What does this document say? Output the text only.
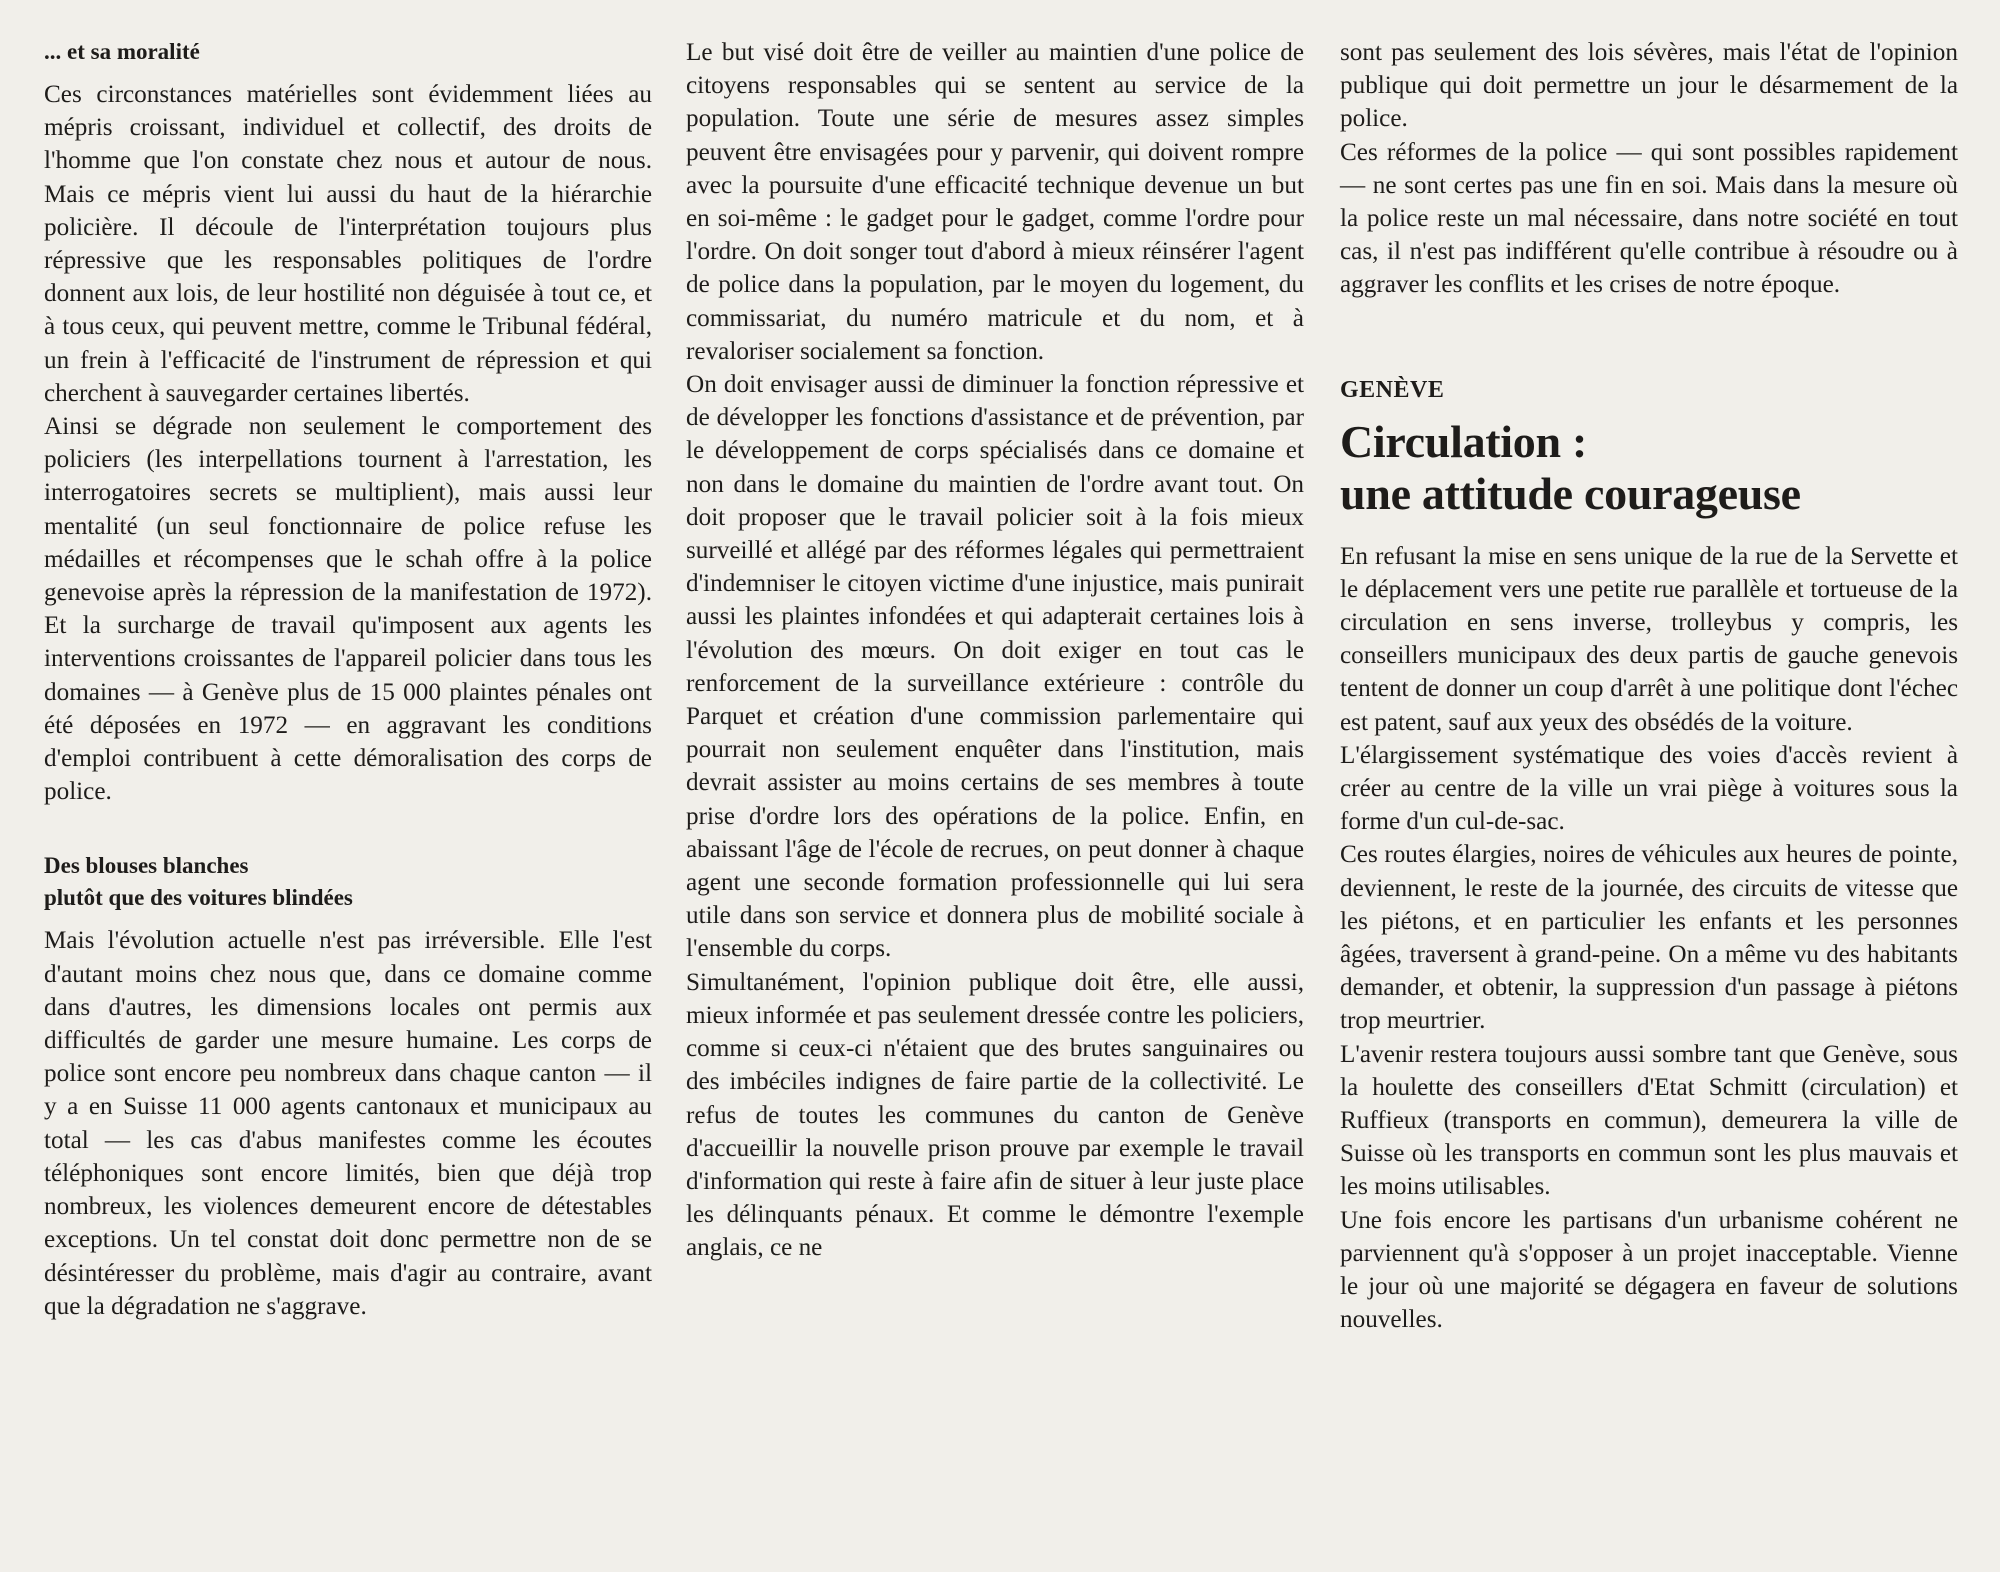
... et sa moralité

Ces circonstances matérielles sont évidemment liées au mépris croissant, individuel et collectif, des droits de l'homme que l'on constate chez nous et autour de nous. Mais ce mépris vient lui aussi du haut de la hiérarchie policière. Il découle de l'interprétation toujours plus répressive que les responsables politiques de l'ordre donnent aux lois, de leur hostilité non déguisée à tout ce, et à tous ceux, qui peuvent mettre, comme le Tribunal fédéral, un frein à l'efficacité de l'instrument de répression et qui cherchent à sauvegarder certaines libertés.

Ainsi se dégrade non seulement le comportement des policiers (les interpellations tournent à l'arrestation, les interrogatoires secrets se multiplient), mais aussi leur mentalité (un seul fonctionnaire de police refuse les médailles et récompenses que le schah offre à la police genevoise après la répression de la manifestation de 1972). Et la surcharge de travail qu'imposent aux agents les interventions croissantes de l'appareil policier dans tous les domaines — à Genève plus de 15 000 plaintes pénales ont été déposées en 1972 — en aggravant les conditions d'emploi contribuent à cette démoralisation des corps de police.

Des blouses blanches
plutôt que des voitures blindées

Mais l'évolution actuelle n'est pas irréversible. Elle l'est d'autant moins chez nous que, dans ce domaine comme dans d'autres, les dimensions locales ont permis aux difficultés de garder une mesure humaine. Les corps de police sont encore peu nombreux dans chaque canton — il y a en Suisse 11 000 agents cantonaux et municipaux au total — les cas d'abus manifestes comme les écoutes téléphoniques sont encore limités, bien que déjà trop nombreux, les violences demeurent encore de détestables exceptions. Un tel constat doit donc permettre non de se désintéresser du problème, mais d'agir au contraire, avant que la dégradation ne s'aggrave.

Le but visé doit être de veiller au maintien d'une police de citoyens responsables qui se sentent au service de la population. Toute une série de mesures assez simples peuvent être envisagées pour y parvenir, qui doivent rompre avec la poursuite d'une efficacité technique devenue un but en soi-même : le gadget pour le gadget, comme l'ordre pour l'ordre. On doit songer tout d'abord à mieux réinsérer l'agent de police dans la population, par le moyen du logement, du commissariat, du numéro matricule et du nom, et à revaloriser socialement sa fonction.

On doit envisager aussi de diminuer la fonction répressive et de développer les fonctions d'assistance et de prévention, par le développement de corps spécialisés dans ce domaine et non dans le domaine du maintien de l'ordre avant tout. On doit proposer que le travail policier soit à la fois mieux surveillé et allégé par des réformes légales qui permettraient d'indemniser le citoyen victime d'une injustice, mais punirait aussi les plaintes infondées et qui adapterait certaines lois à l'évolution des mœurs. On doit exiger en tout cas le renforcement de la surveillance extérieure : contrôle du Parquet et création d'une commission parlementaire qui pourrait non seulement enquêter dans l'institution, mais devrait assister au moins certains de ses membres à toute prise d'ordre lors des opérations de la police. Enfin, en abaissant l'âge de l'école de recrues, on peut donner à chaque agent une seconde formation professionnelle qui lui sera utile dans son service et donnera plus de mobilité sociale à l'ensemble du corps.

Simultanément, l'opinion publique doit être, elle aussi, mieux informée et pas seulement dressée contre les policiers, comme si ceux-ci n'étaient que des brutes sanguinaires ou des imbéciles indignes de faire partie de la collectivité. Le refus de toutes les communes du canton de Genève d'accueillir la nouvelle prison prouve par exemple le travail d'information qui reste à faire afin de situer à leur juste place les délinquants pénaux. Et comme le démontre l'exemple anglais, ce ne

sont pas seulement des lois sévères, mais l'état de l'opinion publique qui doit permettre un jour le désarmement de la police.

Ces réformes de la police — qui sont possibles rapidement — ne sont certes pas une fin en soi. Mais dans la mesure où la police reste un mal nécessaire, dans notre société en tout cas, il n'est pas indifférent qu'elle contribue à résoudre ou à aggraver les conflits et les crises de notre époque.

GENÈVE
Circulation :
une attitude courageuse

En refusant la mise en sens unique de la rue de la Servette et le déplacement vers une petite rue parallèle et tortueuse de la circulation en sens inverse, trolleybus y compris, les conseillers municipaux des deux partis de gauche genevois tentent de donner un coup d'arrêt à une politique dont l'échec est patent, sauf aux yeux des obsédés de la voiture.

L'élargissement systématique des voies d'accès revient à créer au centre de la ville un vrai piège à voitures sous la forme d'un cul-de-sac.

Ces routes élargies, noires de véhicules aux heures de pointe, deviennent, le reste de la journée, des circuits de vitesse que les piétons, et en particulier les enfants et les personnes âgées, traversent à grand-peine. On a même vu des habitants demander, et obtenir, la suppression d'un passage à piétons trop meurtrier.

L'avenir restera toujours aussi sombre tant que Genève, sous la houlette des conseillers d'Etat Schmitt (circulation) et Ruffieux (transports en commun), demeurera la ville de Suisse où les transports en commun sont les plus mauvais et les moins utilisables.

Une fois encore les partisans d'un urbanisme cohérent ne parviennent qu'à s'opposer à un projet inacceptable. Vienne le jour où une majorité se dégagera en faveur de solutions nouvelles.
